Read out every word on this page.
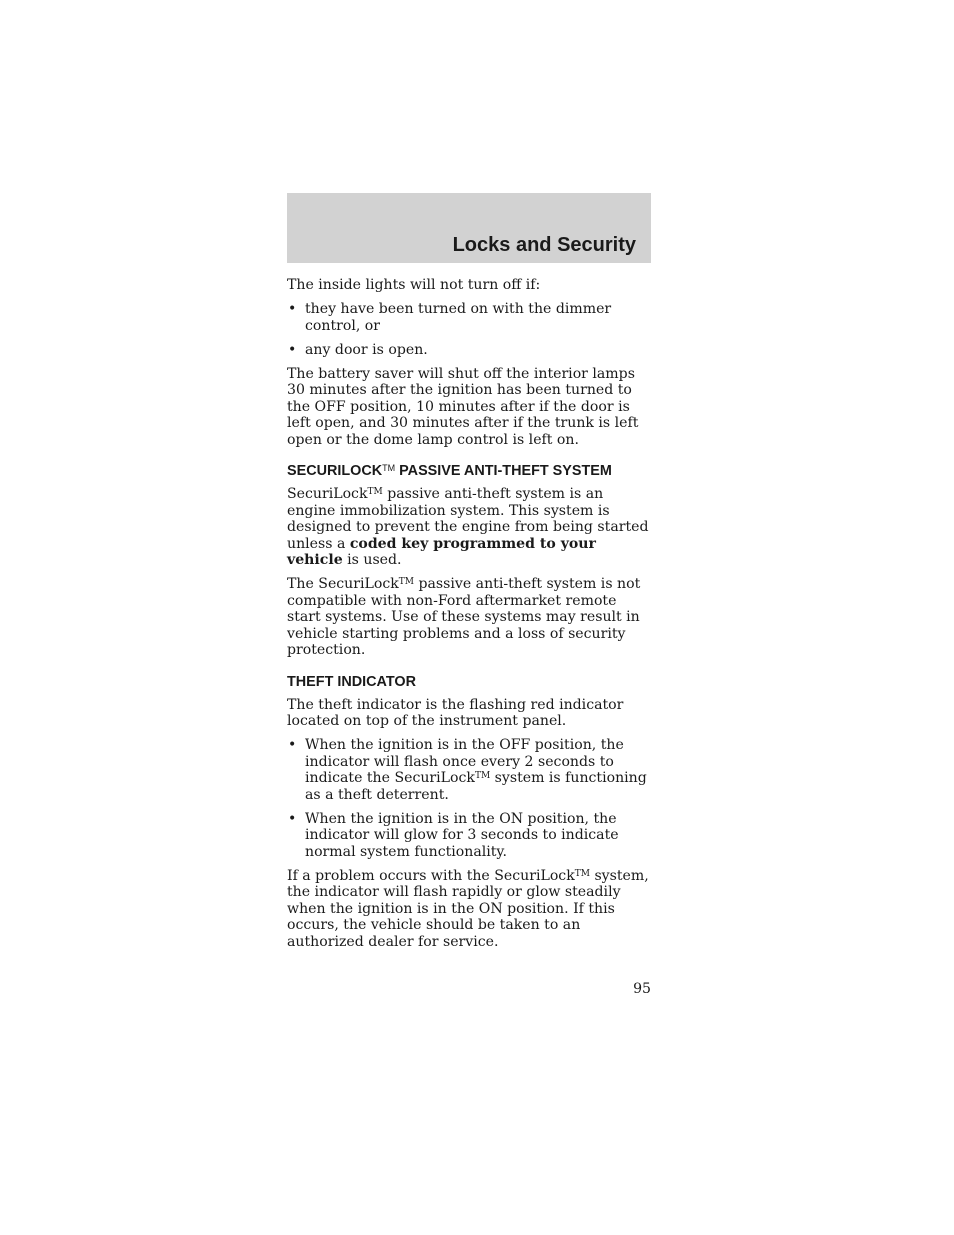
Locks and Security

The inside lights will not turn off if:

• they have been turned on with the dimmer control, or
• any door is open.

The battery saver will shut off the interior lamps 30 minutes after the ignition has been turned to the OFF position, 10 minutes after if the door is left open, and 30 minutes after if the trunk is left open or the dome lamp control is left on.

SECURILOCK™ PASSIVE ANTI-THEFT SYSTEM

SecuriLock™ passive anti-theft system is an engine immobilization system. This system is designed to prevent the engine from being started unless a coded key programmed to your vehicle is used.

The SecuriLock™ passive anti-theft system is not compatible with non-Ford aftermarket remote start systems. Use of these systems may result in vehicle starting problems and a loss of security protection.

THEFT INDICATOR

The theft indicator is the flashing red indicator located on top of the instrument panel.

• When the ignition is in the OFF position, the indicator will flash once every 2 seconds to indicate the SecuriLock™ system is functioning as a theft deterrent.
• When the ignition is in the ON position, the indicator will glow for 3 seconds to indicate normal system functionality.

If a problem occurs with the SecuriLock™ system, the indicator will flash rapidly or glow steadily when the ignition is in the ON position. If this occurs, the vehicle should be taken to an authorized dealer for service.

95
